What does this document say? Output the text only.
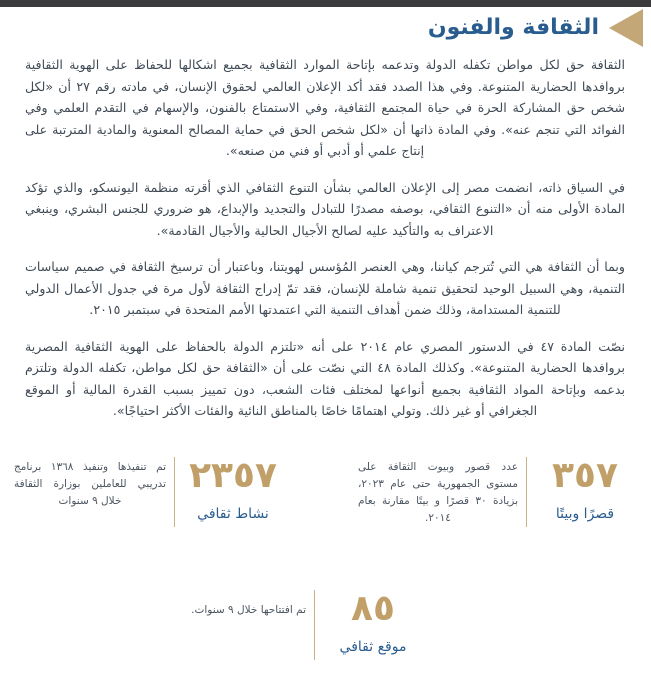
الثقافة والفنون

الثقافة حق لكل مواطن تكفله الدولة وتدعمه بإتاحة الموارد الثقافية بجميع اشكالها للحفاظ على الهوية الثقافية بروافدها الحضارية المتنوعة. وفي هذا الصدد فقد أكد الإعلان العالمي لحقوق الإنسان، في مادته رقم ٢٧ أن «لكل شخص حق المشاركة الحرة في حياة المجتمع الثقافية، وفي الاستمتاع بالفنون، والإسهام في التقدم العلمي وفي الفوائد التي تنجم عنه». وفي المادة ذاتها أن «لكل شخص الحق في حماية المصالح المعنوية والمادية المترتبة على إنتاج علمي أو أدبي أو فني من صنعه».

في السياق ذاته، انضمت مصر إلى الإعلان العالمي بشأن التنوع الثقافي الذي أقرته منظمة اليونسكو، والذي تؤكد المادة الأولى منه أن «التنوع الثقافي، بوصفه مصدرًا للتبادل والتجديد والإبداع، هو ضروري للجنس البشري، وينبغي الاعتراف به والتأكيد عليه لصالح الأجيال الحالية والأجيال القادمة».

وبما أن الثقافة هي التي تُترجم كياننا، وهي العنصر المُؤسس لهويتنا، وباعتبار أن ترسيخ الثقافة في صميم سياسات التنمية، وهي السبيل الوحيد لتحقيق تنمية شاملة للإنسان، فقد تمّ إدراج الثقافة لأول مرة في جدول الأعمال الدولي للتنمية المستدامة، وذلك ضمن أهداف التنمية التي اعتمدتها الأمم المتحدة في سبتمبر ٢٠١٥.

نصّت المادة ٤٧ في الدستور المصري عام ٢٠١٤ على أنه «تلتزم الدولة بالحفاظ على الهوية الثقافية المصرية بروافدها الحضارية المتنوعة». وكذلك المادة ٤٨ التي نصّت على أن «الثقافة حق لكل مواطن، تكفله الدولة وتلتزم بدعمه وبإتاحة المواد الثقافية بجميع أنواعها لمختلف فئات الشعب، دون تمييز بسبب القدرة المالية أو الموقع الجغرافي أو غير ذلك. وتولي اهتمامًا خاصًا بالمناطق النائية والفئات الأكثر احتياجًا».

٣٥٧
قصرًا وبيتًا
عدد قصور وبيوت الثقافة على مستوى الجمهورية حتى عام ٢٠٢٣، بزيادة ٣٠ قصرًا و بيتًا مقارنة بعام ٢٠١٤.
٢٣٥٧
نشاط ثقافي
تم تنفيذها وتنفيذ ١٣٦٨ برنامج تدريبي للعاملين بوزارة الثقافة خلال ٩ سنوات
٨٥
موقع ثقافي
تم افتتاحها خلال ٩ سنوات.
